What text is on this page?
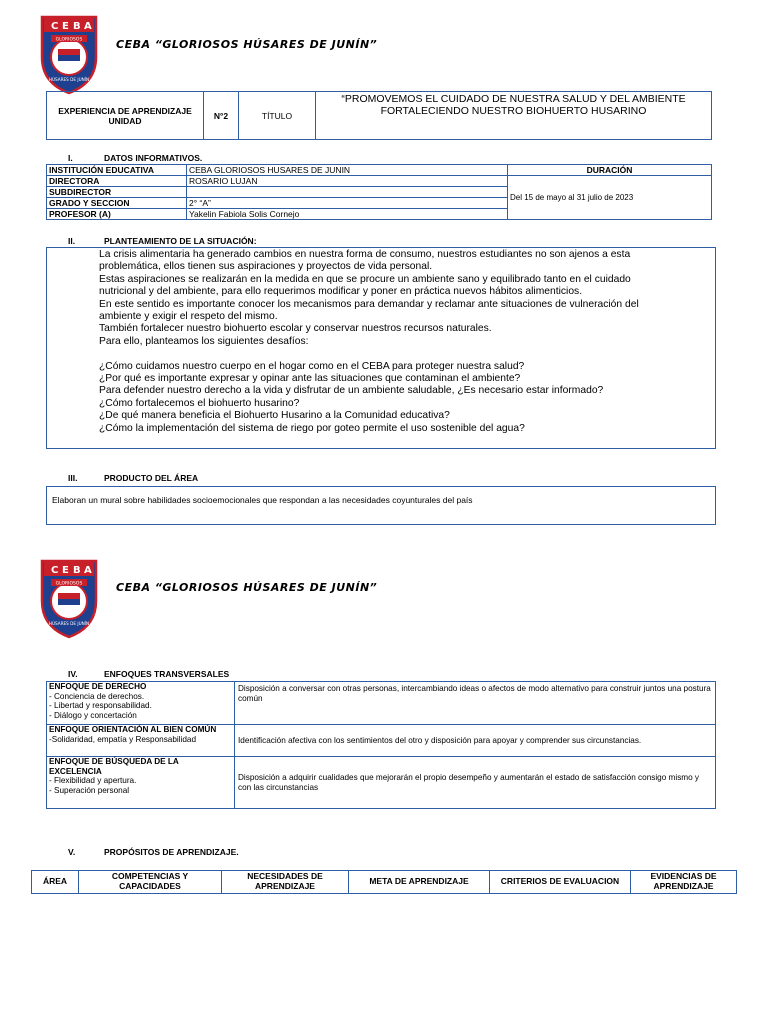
C E B A
GLORIOSOS
HÚSARES DE JUNÍN
CEBA “GLORIOSOS HÚSARES DE JUNÍN”
EXPERIENCIA DE APRENDIZAJE
UNIDAD	N°2	TÍTULO	
“PROMOVEMOS EL CUIDADO DE NUESTRA SALUD Y DEL AMBIENTE
FORTALECIENDO NUESTRO BIOHUERTO HUSARINO
I.	DATOS INFORMATIVOS.
INSTITUCIÓN EDUCATIVA	CEBA GLORIOSOS HUSARES DE JUNIN	DURACIÓN
DIRECTORA	ROSARIO LUJAN	Del 15 de mayo al 31 julio de 2023
SUBDIRECTOR		
GRADO Y SECCION	2° “A”	
PROFESOR (A)	Yakelin Fabiola Solis Cornejo	
II.	PLANTEAMIENTO DE LA SITUACIÓN:
La crisis alimentaria ha generado cambios en nuestra forma de consumo, nuestros estudiantes no son ajenos a esta
problemática, ellos tienen sus aspiraciones y proyectos de vida personal.
Estas aspiraciones se realizarán en la medida en que se procure un ambiente sano y equilibrado tanto en el cuidado
nutricional y del ambiente, para ello requerimos modificar y poner en práctica nuevos hábitos alimenticios.
En este sentido es importante conocer los mecanismos para demandar y reclamar ante situaciones de vulneración del
ambiente y exigir el respeto del mismo.
También fortalecer nuestro biohuerto escolar y conservar nuestros recursos naturales.
Para ello, planteamos los siguientes desafíos:
¿Cómo cuidamos nuestro cuerpo en el hogar como en el CEBA para proteger nuestra salud?
¿Por qué es importante expresar y opinar ante las situaciones que contaminan el ambiente?
Para defender nuestro derecho a la vida y disfrutar de un ambiente saludable, ¿Es necesario estar informado?
¿Cómo fortalecemos el biohuerto husarino?
¿De qué manera beneficia el Biohuerto Husarino a la Comunidad educativa?
¿Cómo la implementación del sistema de riego por goteo permite el uso sostenible del agua?
III.	PRODUCTO DEL ÁREA
Elaboran un mural sobre habilidades socioemocionales que respondan a las necesidades coyunturales del país
C E B A
GLORIOSOS
HÚSARES DE JUNÍN
CEBA “GLORIOSOS HÚSARES DE JUNÍN”
IV.	ENFOQUES TRANSVERSALES
ENFOQUE DE DERECHO
- Conciencia de derechos.
- Libertad y responsabilidad.
- Diálogo y concertación	Disposición a conversar con otras personas, intercambiando ideas o afectos de modo alternativo para construir juntos una postura común

ENFOQUE ORIENTACIÓN AL BIEN COMÚN
-Solidaridad, empatía y Responsabilidad	Identificación afectiva con los sentimientos del otro y disposición para apoyar y comprender sus circunstancias.

ENFOQUE DE BÚSQUEDA DE LA EXCELENCIA
- Flexibilidad y apertura.
- Superación personal	Disposición a adquirir cualidades que mejorarán el propio desempeño y aumentarán el estado de satisfacción consigo mismo y con las circunstancias
V.	PROPÓSITOS DE APRENDIZAJE.
ÁREA	COMPETENCIAS Y CAPACIDADES	NECESIDADES DE APRENDIZAJE	META DE APRENDIZAJE	CRITERIOS DE EVALUACION	EVIDENCIAS DE APRENDIZAJE
